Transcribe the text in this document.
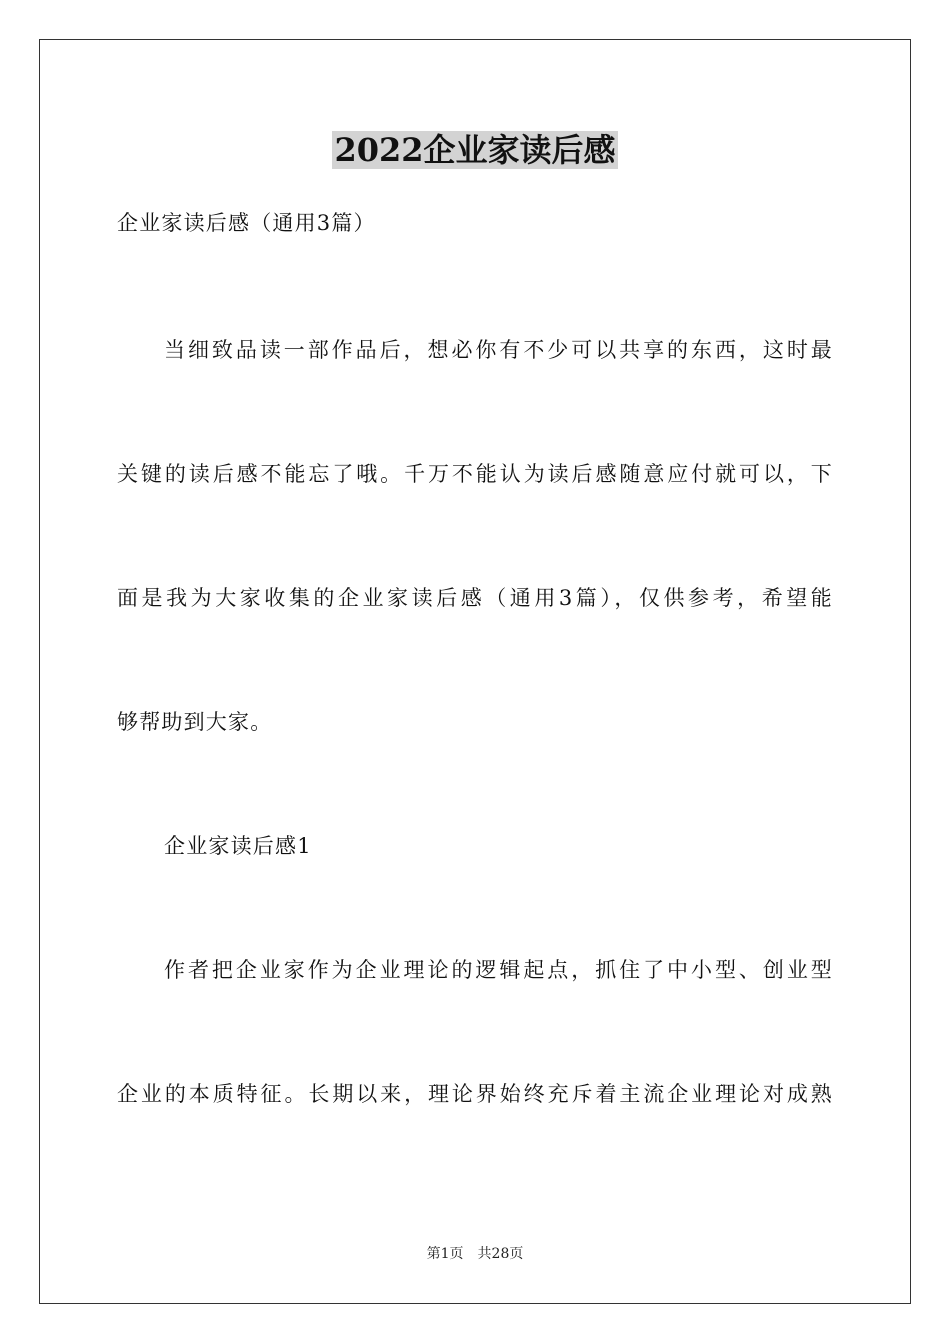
2022企业家读后感
企业家读后感（通用3篇）
当细致品读一部作品后，想必你有不少可以共享的东西，这时最
关键的读后感不能忘了哦。千万不能认为读后感随意应付就可以，下
面是我为大家收集的企业家读后感（通用3篇），仅供参考，希望能
够帮助到大家。
企业家读后感1
作者把企业家作为企业理论的逻辑起点，抓住了中小型、创业型
企业的本质特征。长期以来，理论界始终充斥着主流企业理论对成熟
第1页 共28页
